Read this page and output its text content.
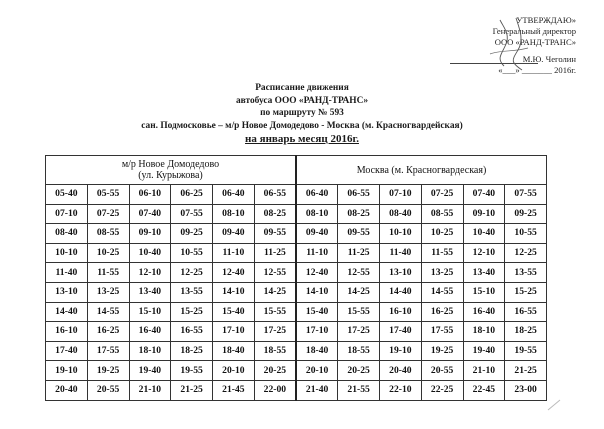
УТВЕРЖДАЮ»
Генеральный директор
ООО «РАНД-ТРАНС»
М.Ю. Чеголин
«___» _______ 2016г.
Расписание движения
автобуса ООО «РАНД-ТРАНС»
по маршруту № 593
сан. Подмосковье – м/р Новое Домодедово - Москва (м. Красногвардейская)
на январь месяц 2016г.
м/р Новое Домодедово
(ул. Курыжова)						Москва (м. Красногвардеская)					
05-40	05-55	06-10	06-25	06-40	06-55	06-40	06-55	07-10	07-25	07-40	07-55
07-10	07-25	07-40	07-55	08-10	08-25	08-10	08-25	08-40	08-55	09-10	09-25
08-40	08-55	09-10	09-25	09-40	09-55	09-40	09-55	10-10	10-25	10-40	10-55
10-10	10-25	10-40	10-55	11-10	11-25	11-10	11-25	11-40	11-55	12-10	12-25
11-40	11-55	12-10	12-25	12-40	12-55	12-40	12-55	13-10	13-25	13-40	13-55
13-10	13-25	13-40	13-55	14-10	14-25	14-10	14-25	14-40	14-55	15-10	15-25
14-40	14-55	15-10	15-25	15-40	15-55	15-40	15-55	16-10	16-25	16-40	16-55
16-10	16-25	16-40	16-55	17-10	17-25	17-10	17-25	17-40	17-55	18-10	18-25
17-40	17-55	18-10	18-25	18-40	18-55	18-40	18-55	19-10	19-25	19-40	19-55
19-10	19-25	19-40	19-55	20-10	20-25	20-10	20-25	20-40	20-55	21-10	21-25
20-40	20-55	21-10	21-25	21-45	22-00	21-40	21-55	22-10	22-25	22-45	23-00
